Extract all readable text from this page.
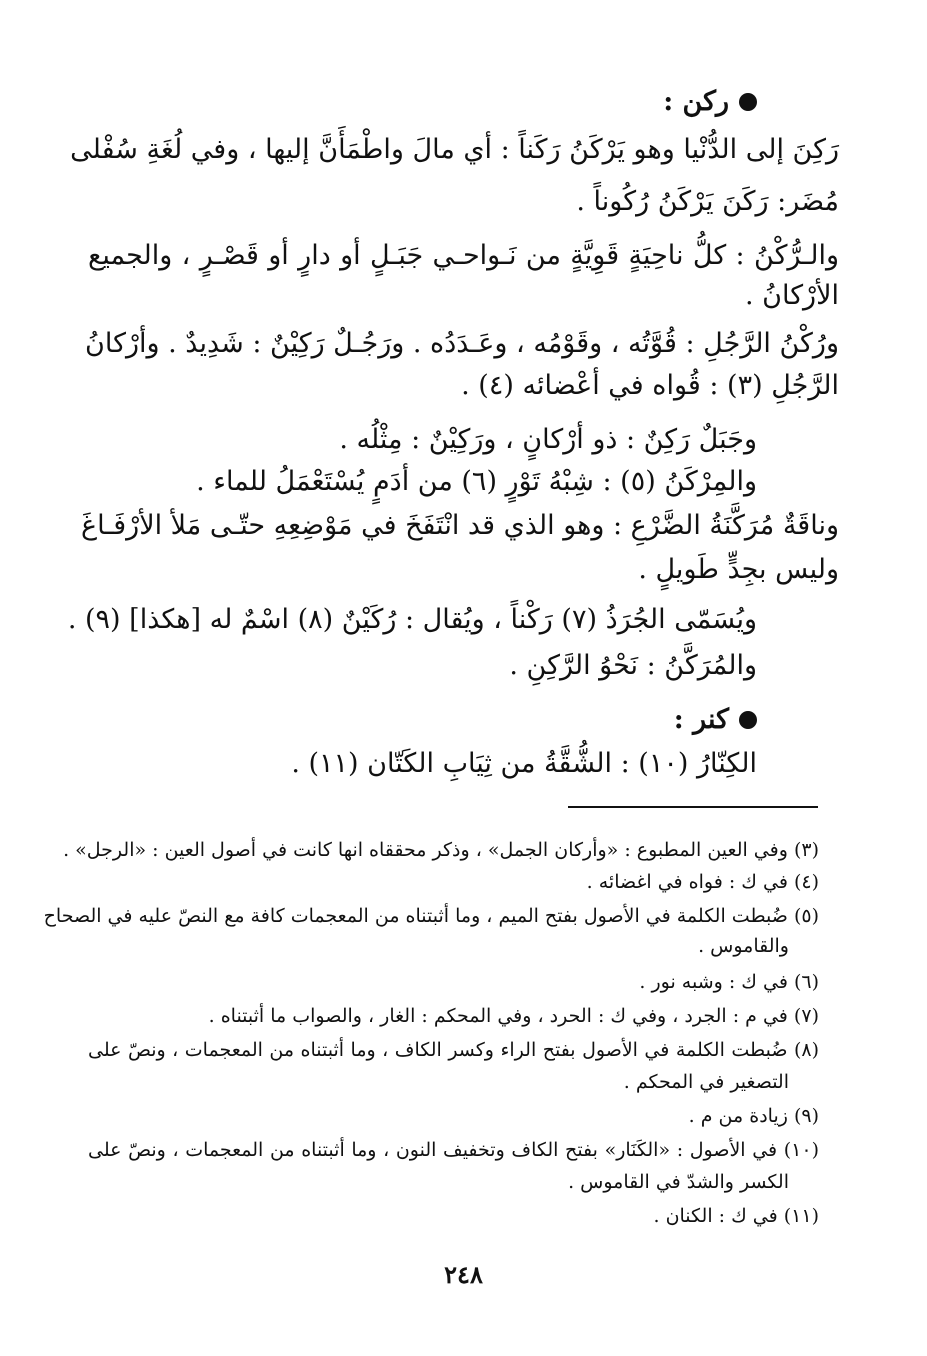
ركن :
رَكِنَ إلى الدُّنْيا وهو يَرْكَنُ رَكَناً : أي مالَ واطْمَأَنَّ إليها ، وفي لُغَةِ سُفْلى
مُضَر: رَكَنَ يَرْكَنُ رُكُوناً .
والـرُّكْنُ : كلُّ ناحِيَةٍ قَوِيَّةٍ من نَـواحـي جَبَـلٍ أو دارٍ أو قَصْـرٍ ، والجميع
الأرْكانُ .
ورُكْنُ الرَّجُلِ : قُوَّتُه ، وقَوْمُه ، وعَـدَدُه . ورَجُـلٌ رَكِيْنٌ : شَدِيدٌ . وأرْكانُ
الرَّجُلِ (٣) : قُواه في أعْضائه (٤) .
وجَبَلٌ رَكِنٌ : ذو أرْكانٍ ، ورَكِيْنٌ : مِثْلُه .
والمِرْكَنُ (٥) : شِبْهُ تَوْرٍ (٦) من أدَمٍ يُسْتَعْمَلُ للماء .
وناقَةٌ مُرَكَّنَةُ الضَّرْعِ : وهو الذي قد انْتَفَخَ في مَوْضِعِهِ حتّـى مَلأ الأرْفَـاغَ
وليس بجِدٍّ طَويلٍ .
ويُسَمّى الجُرَذُ (٧) رَكْناً ، ويُقال : رُكَيْنٌ (٨) اسْمٌ له [هكذا] (٩) .
والمُرَكَّنُ : نَحْوُ الرَّكِنِ .
كنر :
الكِنّارُ (١٠) : الشُّقَّةُ من ثِيَابِ الكَتّان (١١) .
(٣) وفي العين المطبوع : «وأركان الجمل» ، وذكر محققاه انها كانت في أصول العين : «الرجل» .
(٤) في ك : فواه في اغضائه .
(٥) ضُبطت الكلمة في الأصول بفتح الميم ، وما أثبتناه من المعجمات كافة مع النصّ عليه في الصحاح
والقاموس .
(٦) في ك : وشبه نور .
(٧) في م : الجرد ، وفي ك : الحرد ، وفي المحكم : الغار ، والصواب ما أثبتناه .
(٨) ضُبطت الكلمة في الأصول بفتح الراء وكسر الكاف ، وما أثبتناه من المعجمات ، ونصّ على
التصغير في المحكم .
(٩) زيادة من م .
(١٠) في الأصول : «الكَنَار» بفتح الكاف وتخفيف النون ، وما أثبتناه من المعجمات ، ونصّ على
الكسر والشدّ في القاموس .
(١١) في ك : الكنان .
٢٤٨
